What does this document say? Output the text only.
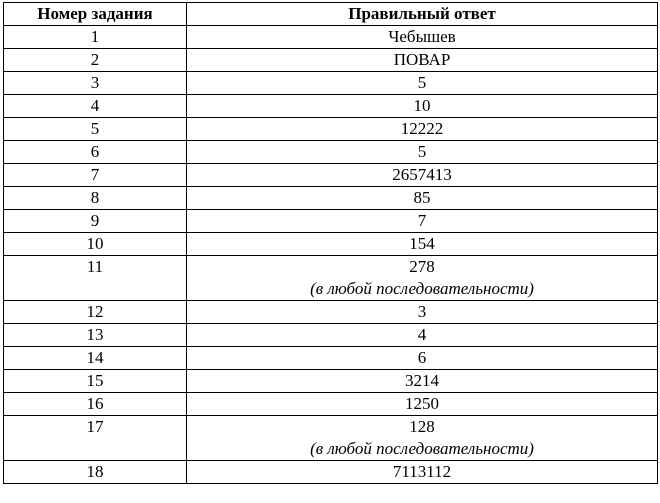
Номер задания	Правильный ответ
1	Чебышев
2	ПОВАР
3	5
4	10
5	12222
6	5
7	2657413
8	85
9	7
10	154
11	278
(в любой последовательности)

12	3
13	4
14	6
15	3214
16	1250
17	128
(в любой последовательности)

18	7113112
